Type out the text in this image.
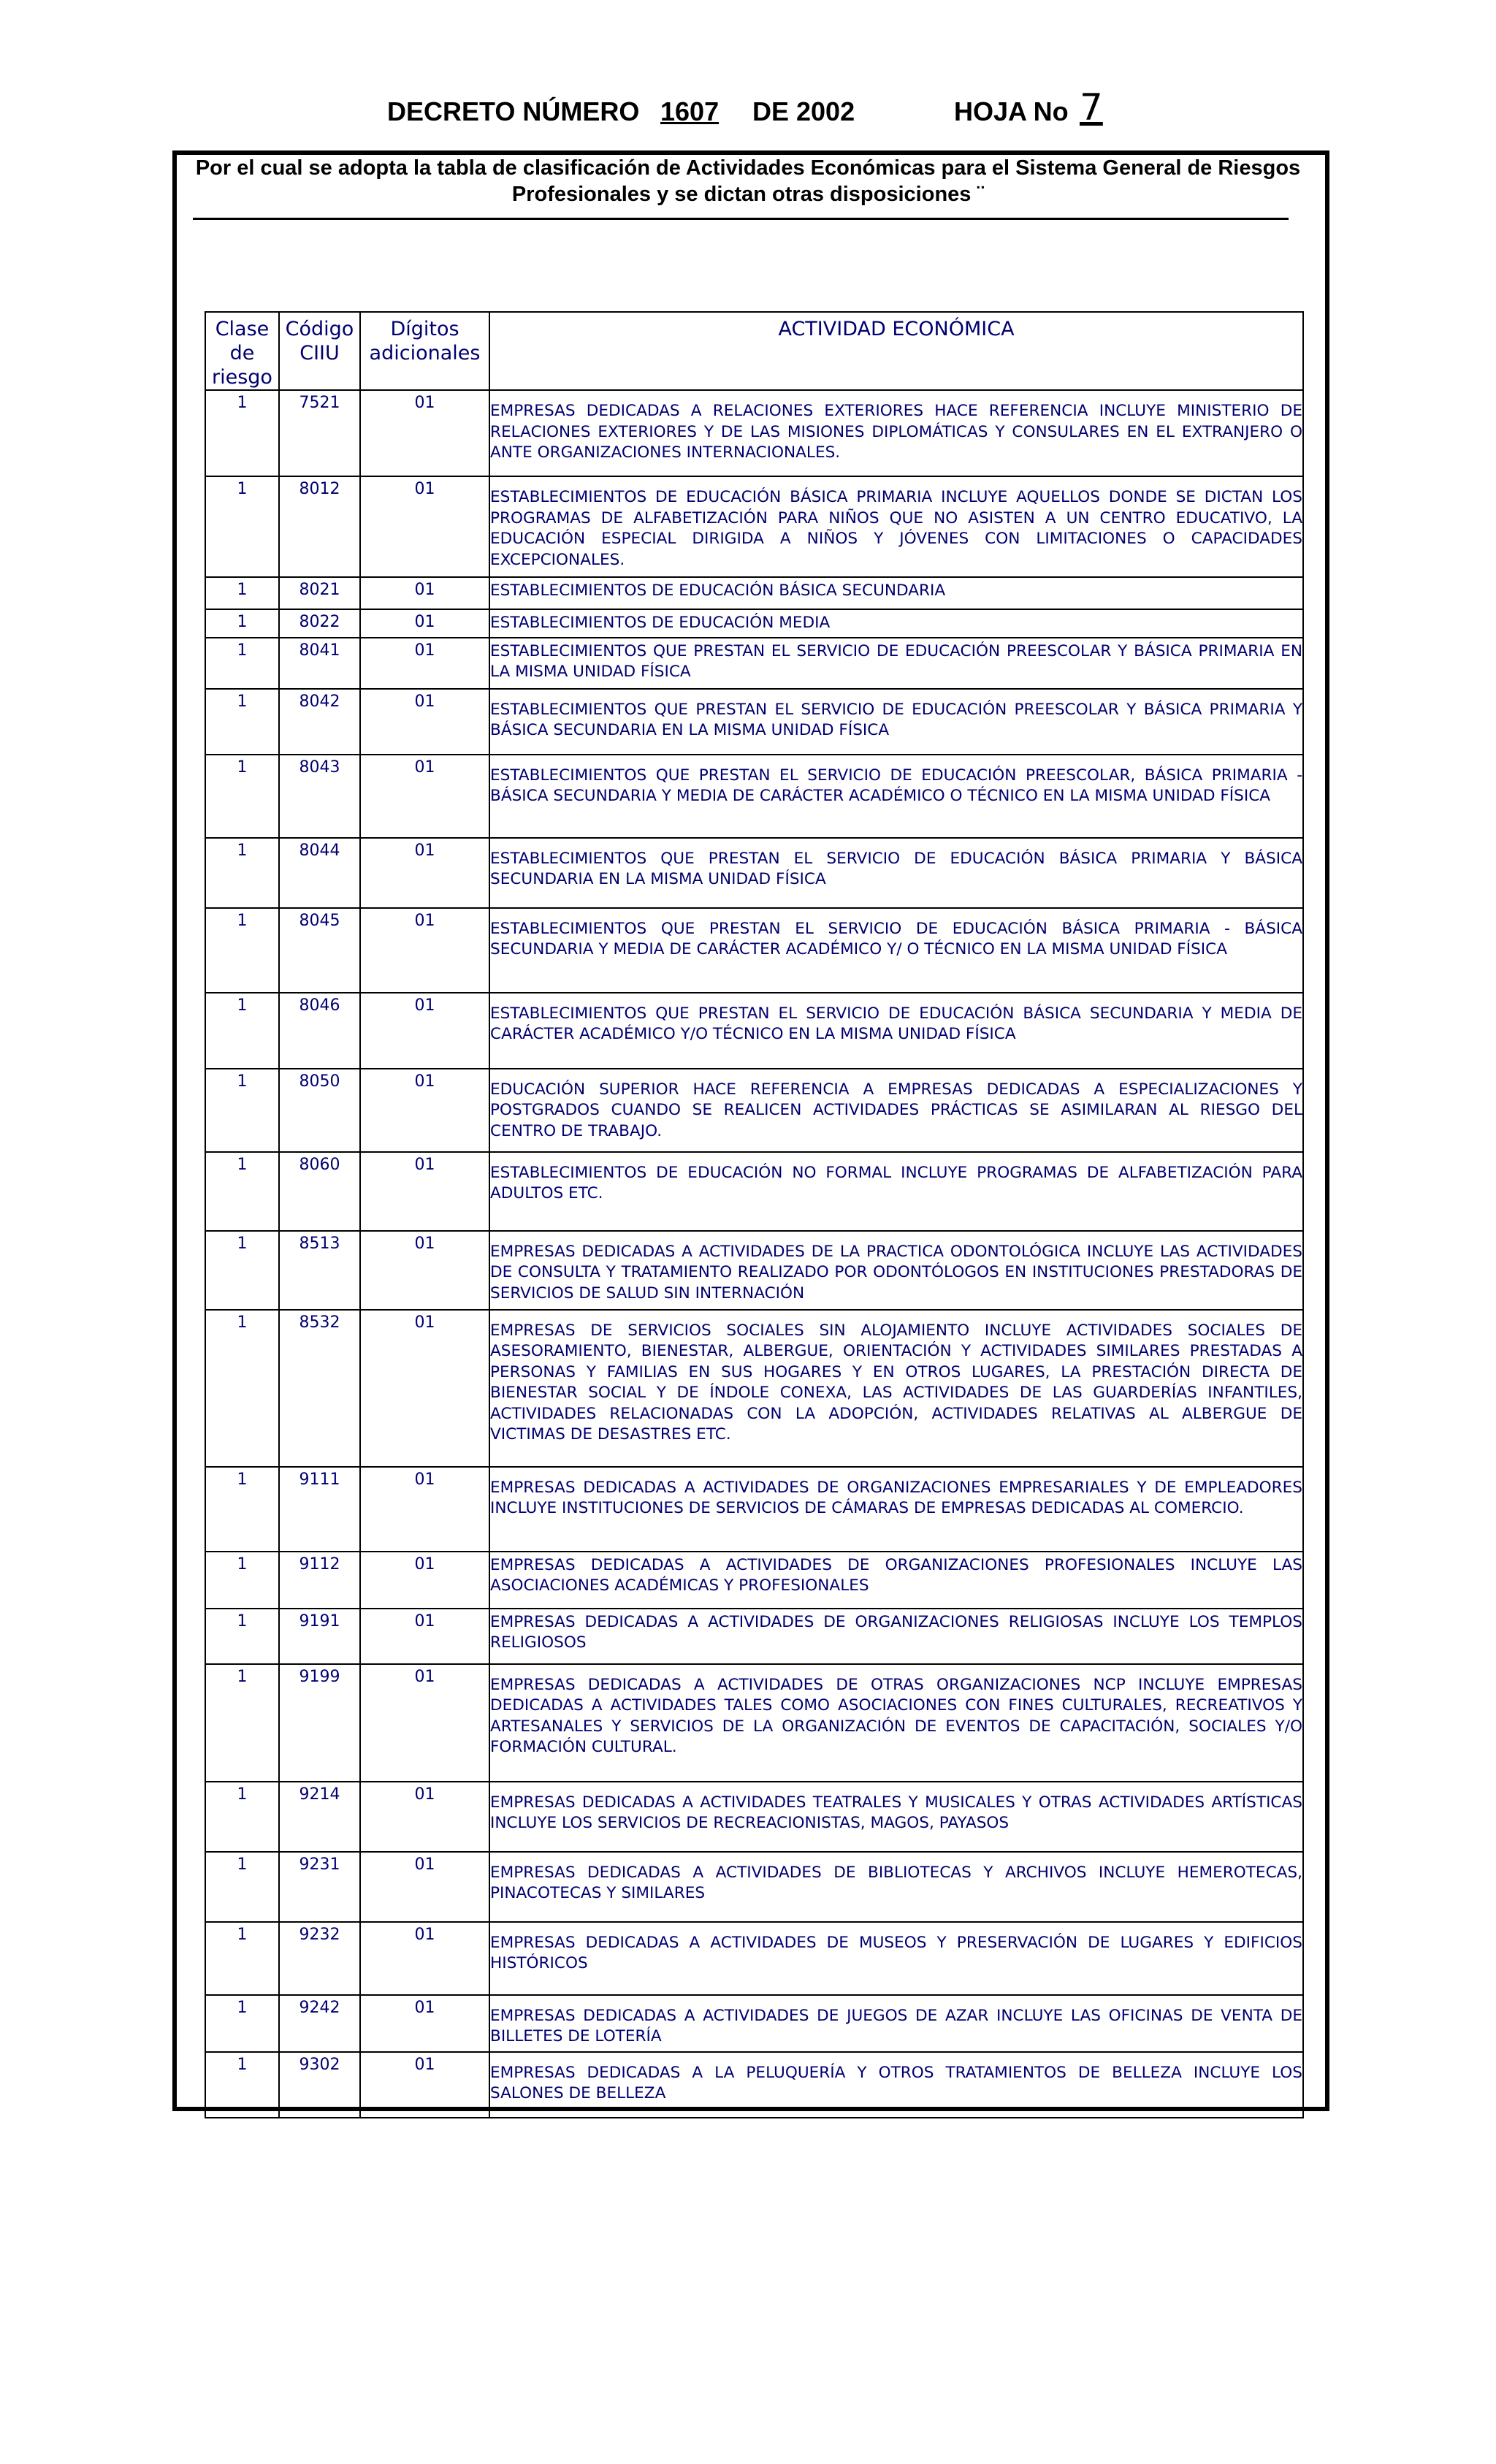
DECRETO NÚMERO 1607 DE 2002	HOJA No 7
Por el cual se adopta la tabla de clasificación de Actividades Económicas para el Sistema General de Riesgos Profesionales y se dictan otras disposiciones ¨
Clase de riesgo	Código CIIU	Dígitos adicionales	ACTIVIDAD ECONÓMICA
1	7521	01	EMPRESAS DEDICADAS A RELACIONES EXTERIORES HACE REFERENCIA INCLUYE MINISTERIO DE RELACIONES EXTERIORES Y DE LAS MISIONES DIPLOMÁTICAS Y CONSULARES EN EL EXTRANJERO O ANTE ORGANIZACIONES INTERNACIONALES.

1	8012	01	ESTABLECIMIENTOS DE EDUCACIÓN BÁSICA PRIMARIA INCLUYE AQUELLOS DONDE SE DICTAN LOS PROGRAMAS DE ALFABETIZACIÓN PARA NIÑOS QUE NO ASISTEN A UN CENTRO EDUCATIVO, LA EDUCACIÓN ESPECIAL DIRIGIDA A NIÑOS Y JÓVENES CON LIMITACIONES O CAPACIDADES EXCEPCIONALES.

1	8021	01	ESTABLECIMIENTOS DE EDUCACIÓN BÁSICA SECUNDARIA

1	8022	01	ESTABLECIMIENTOS DE EDUCACIÓN MEDIA

1	8041	01	ESTABLECIMIENTOS QUE PRESTAN EL SERVICIO DE EDUCACIÓN PREESCOLAR Y BÁSICA PRIMARIA EN LA MISMA UNIDAD FÍSICA

1	8042	01	ESTABLECIMIENTOS QUE PRESTAN EL SERVICIO DE EDUCACIÓN PREESCOLAR Y BÁSICA PRIMARIA Y BÁSICA SECUNDARIA EN LA MISMA UNIDAD FÍSICA

1	8043	01	ESTABLECIMIENTOS QUE PRESTAN EL SERVICIO DE EDUCACIÓN PREESCOLAR, BÁSICA PRIMARIA - BÁSICA SECUNDARIA Y MEDIA DE CARÁCTER ACADÉMICO O TÉCNICO EN LA MISMA UNIDAD FÍSICA

1	8044	01	ESTABLECIMIENTOS QUE PRESTAN EL SERVICIO DE EDUCACIÓN BÁSICA PRIMARIA Y BÁSICA SECUNDARIA EN LA MISMA UNIDAD FÍSICA

1	8045	01	ESTABLECIMIENTOS QUE PRESTAN EL SERVICIO DE EDUCACIÓN BÁSICA PRIMARIA - BÁSICA SECUNDARIA Y MEDIA DE CARÁCTER ACADÉMICO Y/ O TÉCNICO EN LA MISMA UNIDAD FÍSICA

1	8046	01	ESTABLECIMIENTOS QUE PRESTAN EL SERVICIO DE EDUCACIÓN BÁSICA SECUNDARIA Y MEDIA DE CARÁCTER ACADÉMICO Y/O TÉCNICO EN LA MISMA UNIDAD FÍSICA

1	8050	01	EDUCACIÓN SUPERIOR HACE REFERENCIA A EMPRESAS DEDICADAS A ESPECIALIZACIONES Y POSTGRADOS CUANDO SE REALICEN ACTIVIDADES PRÁCTICAS SE ASIMILARAN AL RIESGO DEL CENTRO DE TRABAJO.

1	8060	01	ESTABLECIMIENTOS DE EDUCACIÓN NO FORMAL INCLUYE PROGRAMAS DE ALFABETIZACIÓN PARA ADULTOS ETC.

1	8513	01	EMPRESAS DEDICADAS A ACTIVIDADES DE LA PRACTICA ODONTOLÓGICA INCLUYE LAS ACTIVIDADES DE CONSULTA Y TRATAMIENTO REALIZADO POR ODONTÓLOGOS EN INSTITUCIONES PRESTADORAS DE SERVICIOS DE SALUD SIN INTERNACIÓN

1	8532	01	EMPRESAS DE SERVICIOS SOCIALES SIN ALOJAMIENTO INCLUYE ACTIVIDADES SOCIALES DE ASESORAMIENTO, BIENESTAR, ALBERGUE, ORIENTACIÓN Y ACTIVIDADES SIMILARES PRESTADAS A PERSONAS Y FAMILIAS EN SUS HOGARES Y EN OTROS LUGARES, LA PRESTACIÓN DIRECTA DE BIENESTAR SOCIAL Y DE ÍNDOLE CONEXA, LAS ACTIVIDADES DE LAS GUARDERÍAS INFANTILES, ACTIVIDADES RELACIONADAS CON LA ADOPCIÓN, ACTIVIDADES RELATIVAS AL ALBERGUE DE VICTIMAS DE DESASTRES ETC.

1	9111	01	EMPRESAS DEDICADAS A ACTIVIDADES DE ORGANIZACIONES EMPRESARIALES Y DE EMPLEADORES INCLUYE INSTITUCIONES DE SERVICIOS DE CÁMARAS DE EMPRESAS DEDICADAS AL COMERCIO.

1	9112	01	EMPRESAS DEDICADAS A ACTIVIDADES DE ORGANIZACIONES PROFESIONALES INCLUYE LAS ASOCIACIONES ACADÉMICAS Y PROFESIONALES

1	9191	01	EMPRESAS DEDICADAS A ACTIVIDADES DE ORGANIZACIONES RELIGIOSAS INCLUYE LOS TEMPLOS RELIGIOSOS

1	9199	01	EMPRESAS DEDICADAS A ACTIVIDADES DE OTRAS ORGANIZACIONES NCP INCLUYE EMPRESAS DEDICADAS A ACTIVIDADES TALES COMO ASOCIACIONES CON FINES CULTURALES, RECREATIVOS Y ARTESANALES Y SERVICIOS DE LA ORGANIZACIÓN DE EVENTOS DE CAPACITACIÓN, SOCIALES Y/O FORMACIÓN CULTURAL.

1	9214	01	EMPRESAS DEDICADAS A ACTIVIDADES TEATRALES Y MUSICALES Y OTRAS ACTIVIDADES ARTÍSTICAS INCLUYE LOS SERVICIOS DE RECREACIONISTAS, MAGOS, PAYASOS

1	9231	01	EMPRESAS DEDICADAS A ACTIVIDADES DE BIBLIOTECAS Y ARCHIVOS INCLUYE HEMEROTECAS, PINACOTECAS Y SIMILARES

1	9232	01	EMPRESAS DEDICADAS A ACTIVIDADES DE MUSEOS Y PRESERVACIÓN DE LUGARES Y EDIFICIOS HISTÓRICOS

1	9242	01	EMPRESAS DEDICADAS A ACTIVIDADES DE JUEGOS DE AZAR INCLUYE LAS OFICINAS DE VENTA DE BILLETES DE LOTERÍA

1	9302	01	EMPRESAS DEDICADAS A LA PELUQUERÍA Y OTROS TRATAMIENTOS DE BELLEZA INCLUYE LOS SALONES DE BELLEZA
